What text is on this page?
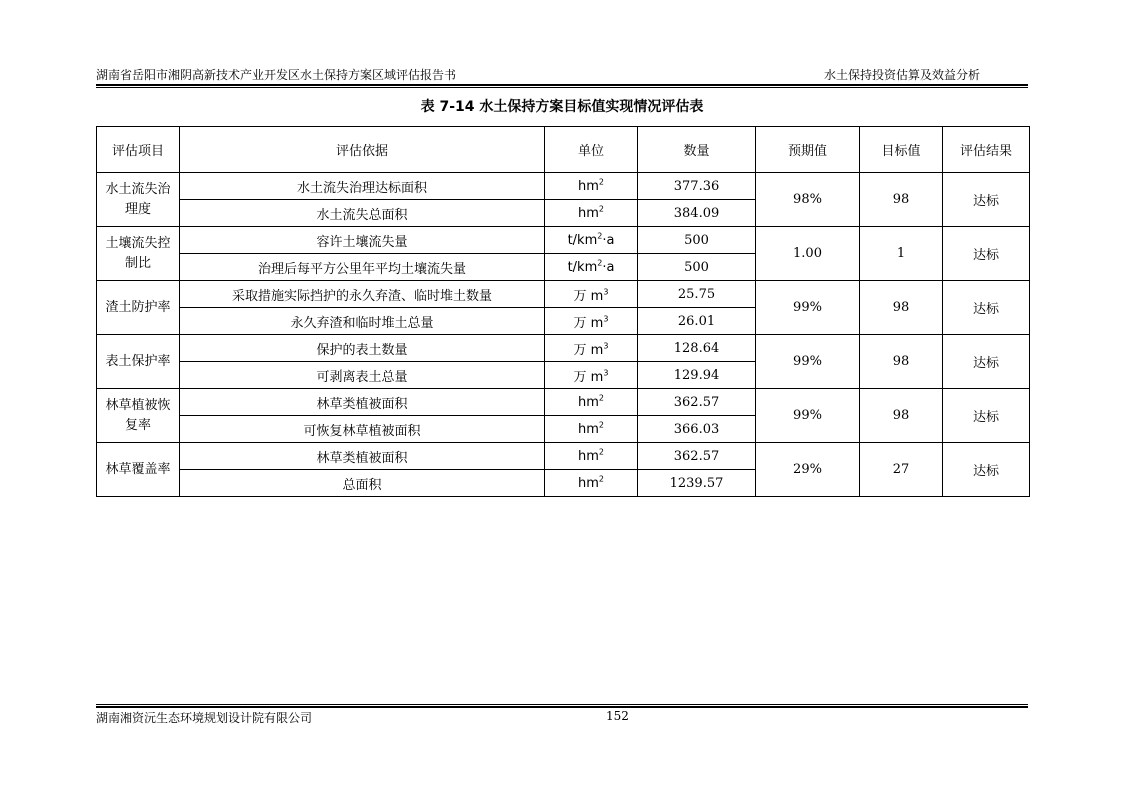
湖南省岳阳市湘阴高新技术产业开发区水土保持方案区域评估报告书	水土保持投资估算及效益分析
表 7-14 水土保持方案目标值实现情况评估表
评估项目	评估依据	单位	数量	预期值	目标值	评估结果
水土流失治理度	水土流失治理达标面积	$hm^2$	377.36	98%	98	达标
	水土流失总面积	$hm^2$	384.09			
土壤流失控制比	容许土壤流失量	$t/km^2\cdot a$	500	1.00	1	达标
	治理后每平方公里年平均土壤流失量	$t/km^2\cdot a$	500			
渣土防护率	采取措施实际挡护的永久弃渣、临时堆土数量	万 $m^3$	25.75	99%	98	达标
	永久弃渣和临时堆土总量	万 $m^3$	26.01			
表土保护率	保护的表土数量	万 $m^3$	128.64	99%	98	达标
	可剥离表土总量	万 $m^3$	129.94			
林草植被恢复率	林草类植被面积	$hm^2$	362.57	99%	98	达标
	可恢复林草植被面积	$hm^2$	366.03			
林草覆盖率	林草类植被面积	$hm^2$	362.57	29%	27	达标
	总面积	$hm^2$	1239.57			
湖南湘资沅生态环境规划设计院有限公司	152
